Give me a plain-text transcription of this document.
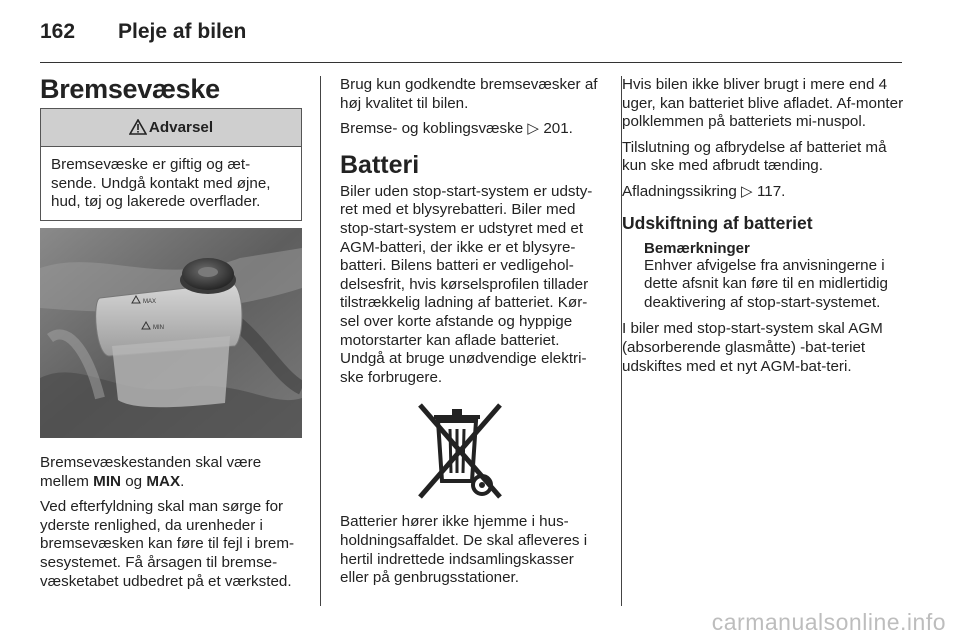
162 Pleje af bilen
Bremsevæske
Advarsel

Bremsevæske er giftig og æt-sende. Undgå kontakt med øjne, hud, tøj og lakerede overflader.

MAX
MIN

Bremsevæskestanden skal være mellem MIN og MAX.

Ved efterfyldning skal man sørge for yderste renlighed, da urenheder i bremsevæsken kan føre til fejl i brem-sesystemet. Få årsagen til bremse-væsketabet udbedret på et værksted.

Brug kun godkendte bremsevæsker af høj kvalitet til bilen.

Bremse- og koblingsvæske ▷ 201.

Batteri

Biler uden stop-start-system er udsty-ret med et blysyrebatteri. Biler med stop-start-system er udstyret med et AGM-batteri, der ikke er et blysyre-batteri. Bilens batteri er vedligehol-delsesfrit, hvis kørselsprofilen tillader tilstrækkelig ladning af batteriet. Kør-sel over korte afstande og hyppige motorstarter kan aflade batteriet. Undgå at bruge unødvendige elektri-ske forbrugere.

Batterier hører ikke hjemme i hus-holdningsaffaldet. De skal afleveres i hertil indrettede indsamlingskasser eller på genbrugsstationer.

Hvis bilen ikke bliver brugt i mere end 4 uger, kan batteriet blive afladet. Af-monter polklemmen på batteriets mi-nuspol.

Tilslutning og afbrydelse af batteriet må kun ske med afbrudt tænding.

Afladningssikring ▷ 117.

Udskiftning af batteriet
Bemærkninger

Enhver afvigelse fra anvisningerne i dette afsnit kan føre til en midlertidig deaktivering af stop-start-systemet.

I biler med stop-start-system skal AGM (absorberende glasmåtte) -bat-teriet udskiftes med et nyt AGM-bat-teri.

carmanualsonline.info
